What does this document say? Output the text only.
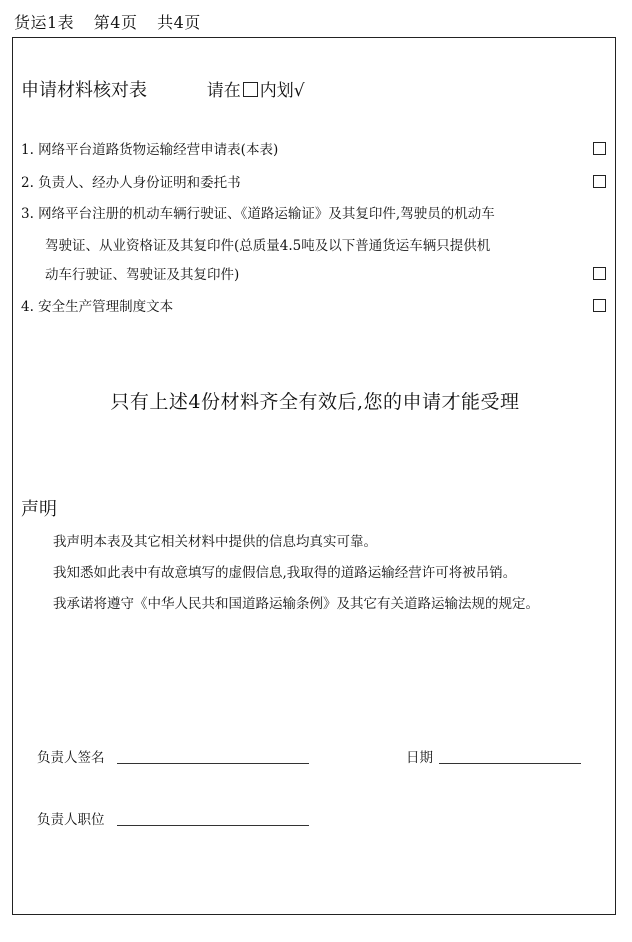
货运1表 第4页 共4页
申请材料核对表	请在 内划√
1. 网络平台道路货物运输经营申请表(本表)
2. 负责人、经办人身份证明和委托书
3. 网络平台注册的机动车辆行驶证、《道路运输证》及其复印件,驾驶员的机动车
驾驶证、从业资格证及其复印件(总质量4.5吨及以下普通货运车辆只提供机
动车行驶证、驾驶证及其复印件)
4. 安全生产管理制度文本
只有上述4份材料齐全有效后,您的申请才能受理
声明
我声明本表及其它相关材料中提供的信息均真实可靠。
我知悉如此表中有故意填写的虚假信息,我取得的道路运输经营许可将被吊销。
我承诺将遵守《中华人民共和国道路运输条例》及其它有关道路运输法规的规定。
负责人签名	日期
负责人职位
